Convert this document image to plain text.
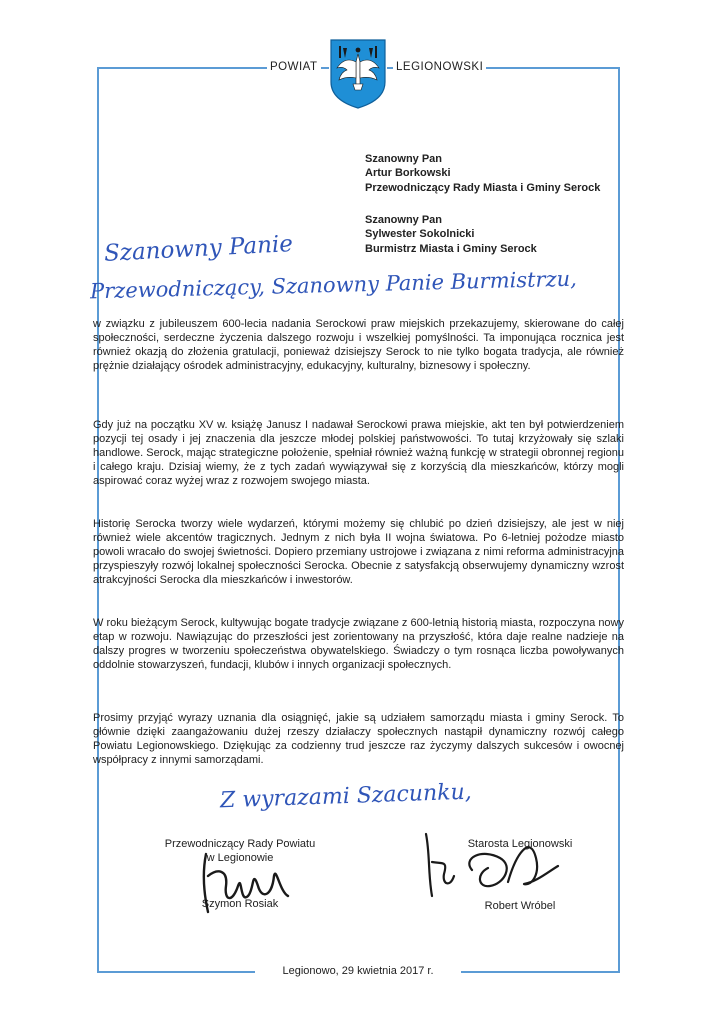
POWIAT	LEGIONOWSKI
Szanowny Pan
Artur Borkowski
Przewodniczący Rady Miasta i Gminy Serock
Szanowny Pan
Sylwester Sokolnicki
Burmistrz Miasta i Gminy Serock
Szanowny Panie
Przewodniczący, Szanowny Panie Burmistrzu,

w związku z jubileuszem 600-lecia nadania Serockowi praw miejskich przekazujemy, skierowane do całej społeczności, serdeczne życzenia dalszego rozwoju i wszelkiej pomyślności. Ta imponująca rocznica jest również okazją do złożenia gratulacji, ponieważ dzisiejszy Serock to nie tylko bogata tradycja, ale również prężnie działający ośrodek administracyjny, edukacyjny, kulturalny, biznesowy i społeczny.

Gdy już na początku XV w. książę Janusz I nadawał Serockowi prawa miejskie, akt ten był potwierdzeniem pozycji tej osady i jej znaczenia dla jeszcze młodej polskiej państwowości. To tutaj krzyżowały się szlaki handlowe. Serock, mając strategiczne położenie, spełniał również ważną funkcję w strategii obronnej regionu i całego kraju. Dzisiaj wiemy, że z tych zadań wywiązywał się z korzyścią dla mieszkańców, którzy mogli aspirować coraz wyżej wraz z rozwojem swojego miasta.

Historię Serocka tworzy wiele wydarzeń, którymi możemy się chlubić po dzień dzisiejszy, ale jest w niej również wiele akcentów tragicznych. Jednym z nich była II wojna światowa. Po 6-letniej pożodze miasto powoli wracało do swojej świetności. Dopiero przemiany ustrojowe i związana z nimi reforma administracyjna przyspieszyły rozwój lokalnej społeczności Serocka. Obecnie z satysfakcją obserwujemy dynamiczny wzrost atrakcyjności Serocka dla mieszkańców i inwestorów.

W roku bieżącym Serock, kultywując bogate tradycje związane z 600-letnią historią miasta, rozpoczyna nowy etap w rozwoju. Nawiązując do przeszłości jest zorientowany na przyszłość, która daje realne nadzieje na dalszy progres w tworzeniu społeczeństwa obywatelskiego. Świadczy o tym rosnąca liczba powoływanych oddolnie stowarzyszeń, fundacji, klubów i innych organizacji społecznych.

Prosimy przyjąć wyrazy uznania dla osiągnięć, jakie są udziałem samorządu miasta i gminy Serock. To głównie dzięki zaangażowaniu dużej rzeszy działaczy społecznych nastąpił dynamiczny rozwój całego Powiatu Legionowskiego. Dziękując za codzienny trud jeszcze raz życzymy dalszych sukcesów i owocnej współpracy z innymi samorządami.

Z wyrazami Szacunku,
Przewodniczący Rady Powiatu
w Legionowie
Szymon Rosiak
Starosta Legionowski
Robert Wróbel
Legionowo, 29 kwietnia 2017 r.
